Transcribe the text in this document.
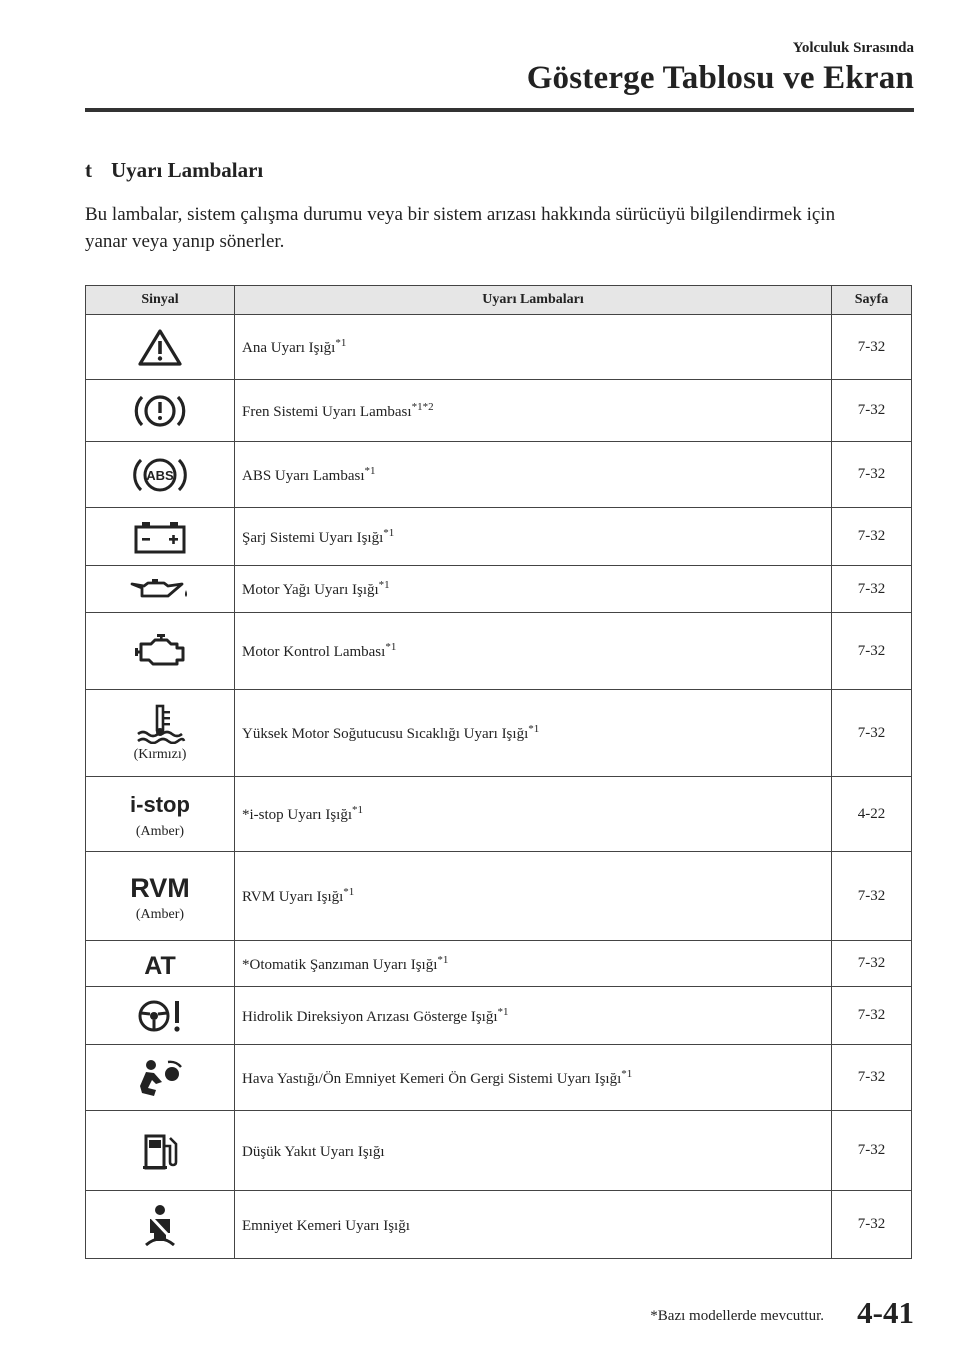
Yolculuk Sırasında
Gösterge Tablosu ve Ekran
t Uyarı Lambaları
Bu lambalar, sistem çalışma durumu veya bir sistem arızası hakkında sürücüyü bilgilendirmek için yanar veya yanıp sönerler.
Sinyal	Uyarı Lambaları	Sayfa

	Ana Uyarı Işığı$^{*1}$	7-32

	Fren Sistemi Uyarı Lambası$^{*1*2}$	7-32

ABS	ABS Uyarı Lambası$^{*1}$	7-32

	Şarj Sistemi Uyarı Işığı$^{*1}$	7-32

	Motor Yağı Uyarı Işığı$^{*1}$	7-32

	Motor Kontrol Lambası$^{*1}$	7-32

(Kırmızı)	Yüksek Motor Soğutucusu Sıcaklığı Uyarı Işığı$^{*1}$	7-32

i-stop
(Amber)	*i-stop Uyarı Işığı$^{*1}$	4-22

RVM
(Amber)	RVM Uyarı Işığı$^{*1}$	7-32

AT	*Otomatik Şanzıman Uyarı Işığı$^{*1}$	7-32

	Hidrolik Direksiyon Arızası Gösterge Işığı$^{*1}$	7-32

	Hava Yastığı/Ön Emniyet Kemeri Ön Gergi Sistemi Uyarı Işığı$^{*1}$	7-32

	Düşük Yakıt Uyarı Işığı	7-32

	Emniyet Kemeri Uyarı Işığı	7-32
*Bazı modellerde mevcuttur. 4-41
